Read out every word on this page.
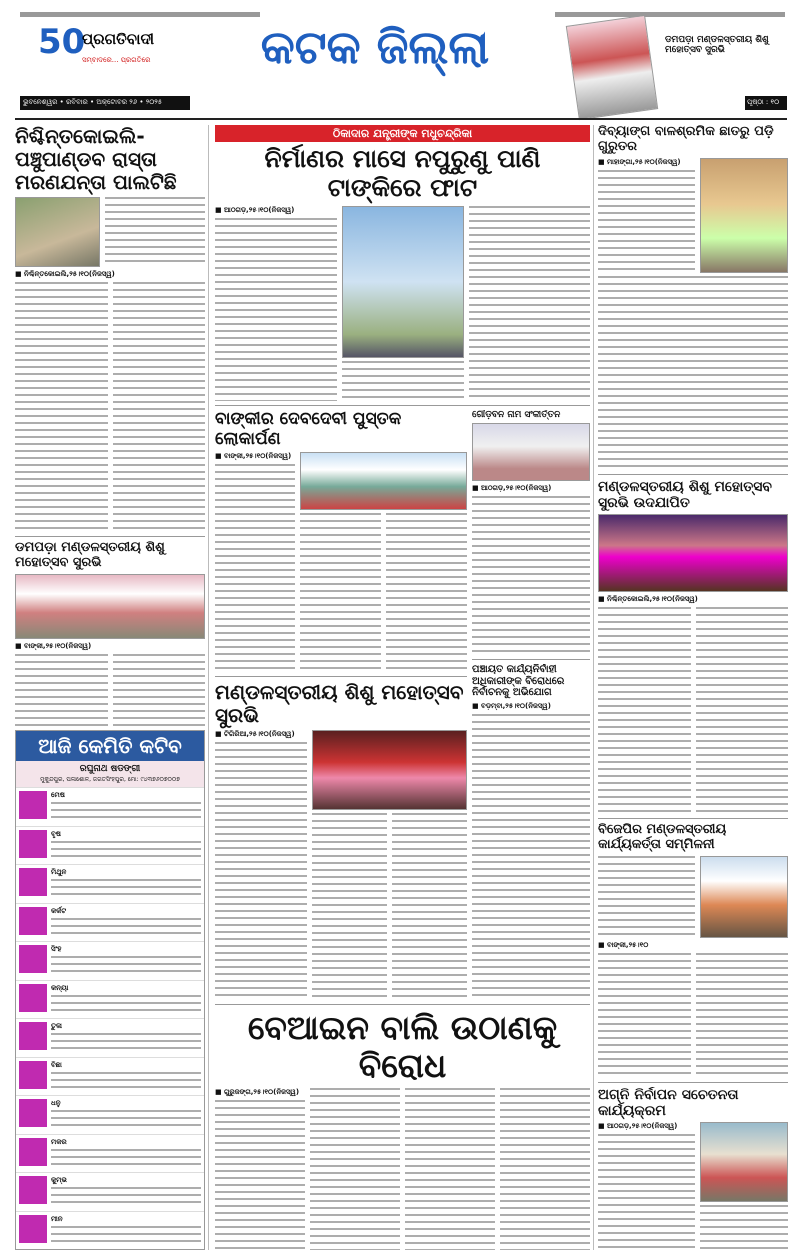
50
ପ୍ରଗତିବାଦୀ
ସମ୍ବାଦରେ... ପ୍ରଗତିରେ
ଭୁବନେଶ୍ୱର • ରବିବାର • ଅକ୍ଟୋବର ୨୬ • ୨୦୨୫
କଟକ ଜିଲ୍ଲା	ଡମପଡ଼ା ମଣ୍ଡଳସ୍ତରୀୟ ଶିଶୁ ମହୋତ୍ସବ ସୁରଭି
ପୃଷ୍ଠା : ୧୦
ନିଶ୍ଚିନ୍ତକୋଇଲି-ପଞ୍ଚୁପାଣ୍ଡବ ରାସ୍ତା ମରଣଯନ୍ତା ପାଲଟିଛି
■ ନିଶ୍ଚିନ୍ତକୋଇଲି,୨୫।୧୦(ନିଜସ୍ୱ)
ଡମପଡ଼ା ମଣ୍ଡଳସ୍ତରୀୟ ଶିଶୁ ମହୋତ୍ସବ ସୁରଭି
■ ବାଙ୍କୀ,୨୫।୧୦(ନିଜସ୍ୱ)
ଆଜି କେମିତି କଟିବ
ରଘୁନାଥ ଷଡଙ୍ଗୀ
ମୁକୁନ୍ଦପୁର, ପଳାଶୋଳ, ଜଗତସିଂହପୁର, ମୋ: ୯୪୩୭୬୦୭୦୦୭
ମେଷ
ବୃଷ
ମିଥୁନ
କର୍କଟ
ସିଂହ
କନ୍ୟା
ତୁଳା
ବିଛା
ଧନୁ
ମକର
କୁମ୍ଭ
ମୀନ
ଠିକାଦାର ଯନ୍ତ୍ରୀଙ୍କ ମଧୁଚନ୍ଦ୍ରିକା
ନିର୍ମାଣର ମାସେ ନପୁରୁଣୁ ପାଣି ଟାଙ୍କିରେ ଫାଟ
■ ଆଠଗଡ଼,୨୫।୧୦(ନିଜସ୍ୱ)
ବାଙ୍କୀର ଦେବଦେବୀ ପୁସ୍ତକ ଲୋକାର୍ପଣ
■ ବାଙ୍କୀ,୨୫।୧୦(ନିଜସ୍ୱ)
ମଣ୍ଡଳସ୍ତରୀୟ ଶିଶୁ ମହୋତ୍ସବ ସୁରଭି
■ ଟିଗିରିଆ,୨୫।୧୦(ନିଜସ୍ୱ)
ଗୌଡ଼ବନ ନାମ ସଂକୀର୍ତ୍ତନ
■ ଆଠଗଡ଼,୨୫।୧୦(ନିଜସ୍ୱ)
ପଞ୍ଚାୟତ କାର୍ଯ୍ୟନିର୍ବାହୀ ଅଧିକାରୀଙ୍କ ବିରୋଧରେ ନିର୍ବାଚନକୁ ଅଭିଯୋଗ
■ ବଡ଼ମ୍ବା,୨୫।୧୦(ନିଜସ୍ୱ)
ବେଆଇନ ବାଲି ଉଠାଣକୁ ବିରୋଧ
■ ଗୁରୁଜଙ୍ଗ,୨୫।୧୦(ନିଜସ୍ୱ)
ଦିବ୍ୟାଙ୍ଗ ବାଳଶ୍ରମିକ ଛାତରୁ ପଡ଼ି ଗୁରୁତର
■ ମାହାଙ୍ଗା,୨୫।୧୦(ନିଜସ୍ୱ)
ମଣ୍ଡଳସ୍ତରୀୟ ଶିଶୁ ମହୋତ୍ସବ ସୁରଭି ଉଦଯାପିତ
■ ନିଶ୍ଚିନ୍ତକୋଇଲି,୨୫।୧୦(ନିଜସ୍ୱ)
ବିଜେପିର ମଣ୍ଡଳସ୍ତରୀୟ କାର୍ଯ୍ୟକର୍ତ୍ତା ସମ୍ମିଳନୀ
■ ବାଙ୍କୀ,୨୫।୧୦
ଅଗ୍ନି ନିର୍ବାପନ ସଚେତନତା କାର୍ଯ୍ୟକ୍ରମ
■ ଆଠଗଡ଼,୨୫।୧୦(ନିଜସ୍ୱ)
